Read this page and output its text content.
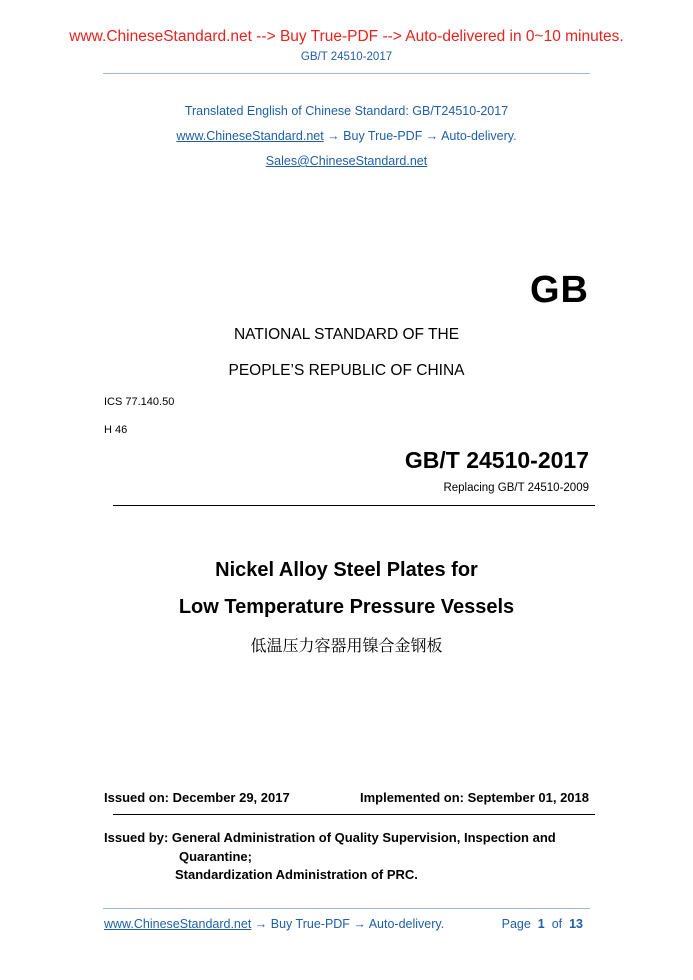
www.ChineseStandard.net --> Buy True-PDF --> Auto-delivered in 0~10 minutes.
GB/T 24510-2017
Translated English of Chinese Standard: GB/T24510-2017
www.ChineseStandard.net → Buy True-PDF → Auto-delivery.
Sales@ChineseStandard.net
GB
NATIONAL STANDARD OF THE
PEOPLE’S REPUBLIC OF CHINA
ICS 77.140.50
H 46
GB/T 24510-2017
Replacing GB/T 24510-2009
Nickel Alloy Steel Plates for
Low Temperature Pressure Vessels
低温压力容器用镍合金钢板
Issued on: December 29, 2017	Implemented on: September 01, 2018
Issued by: General Administration of Quality Supervision, Inspection and
Quarantine;
Standardization Administration of PRC.
www.ChineseStandard.net → Buy True-PDF → Auto-delivery.	Page 1 of 13
